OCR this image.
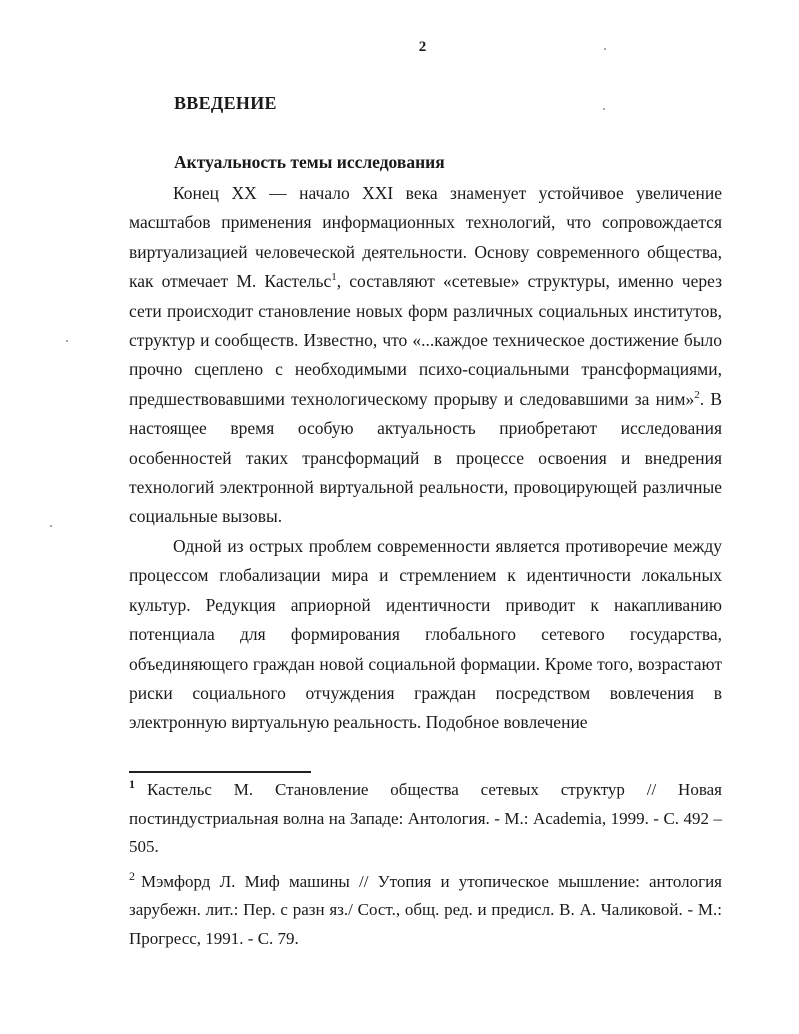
2
ВВЕДЕНИЕ
Актуальность темы исследования

Конец XX — начало XXI века знаменует устойчивое увеличение масштабов применения информационных технологий, что сопровождается виртуализацией человеческой деятельности. Основу современного общества, как отмечает М. Кастельс$^1$, составляют «сетевые» структуры, именно через сети происходит становление новых форм различных социальных институтов, структур и сообществ. Известно, что «...каждое техническое достижение было прочно сцеплено с необходимыми психо-социальными трансформациями, предшествовавшими технологическому прорыву и следовавшими за ним»$^2$. В настоящее время особую актуальность приобретают исследования особенностей таких трансформаций в процессе освоения и внедрения технологий электронной виртуальной реальности, провоцирующей различные социальные вызовы.

Одной из острых проблем современности является противоречие между процессом глобализации мира и стремлением к идентичности локальных культур. Редукция априорной идентичности приводит к накапливанию потенциала для формирования глобального сетевого государства, объединяющего граждан новой социальной формации. Кроме того, возрастают риски социального отчуждения граждан посредством вовлечения в электронную виртуальную реальность. Подобное вовлечение

$^1$ Кастельс М. Становление общества сетевых структур // Новая постиндустриальная волна на Западе: Антология. - М.: Academia, 1999. - С. 492 – 505.

$^2$ Мэмфорд Л. Миф машины // Утопия и утопическое мышление: антология зарубежн. лит.: Пер. с разн яз./ Сост., общ. ред. и предисл. В. А. Чаликовой. - М.: Прогресс, 1991. - С. 79.
